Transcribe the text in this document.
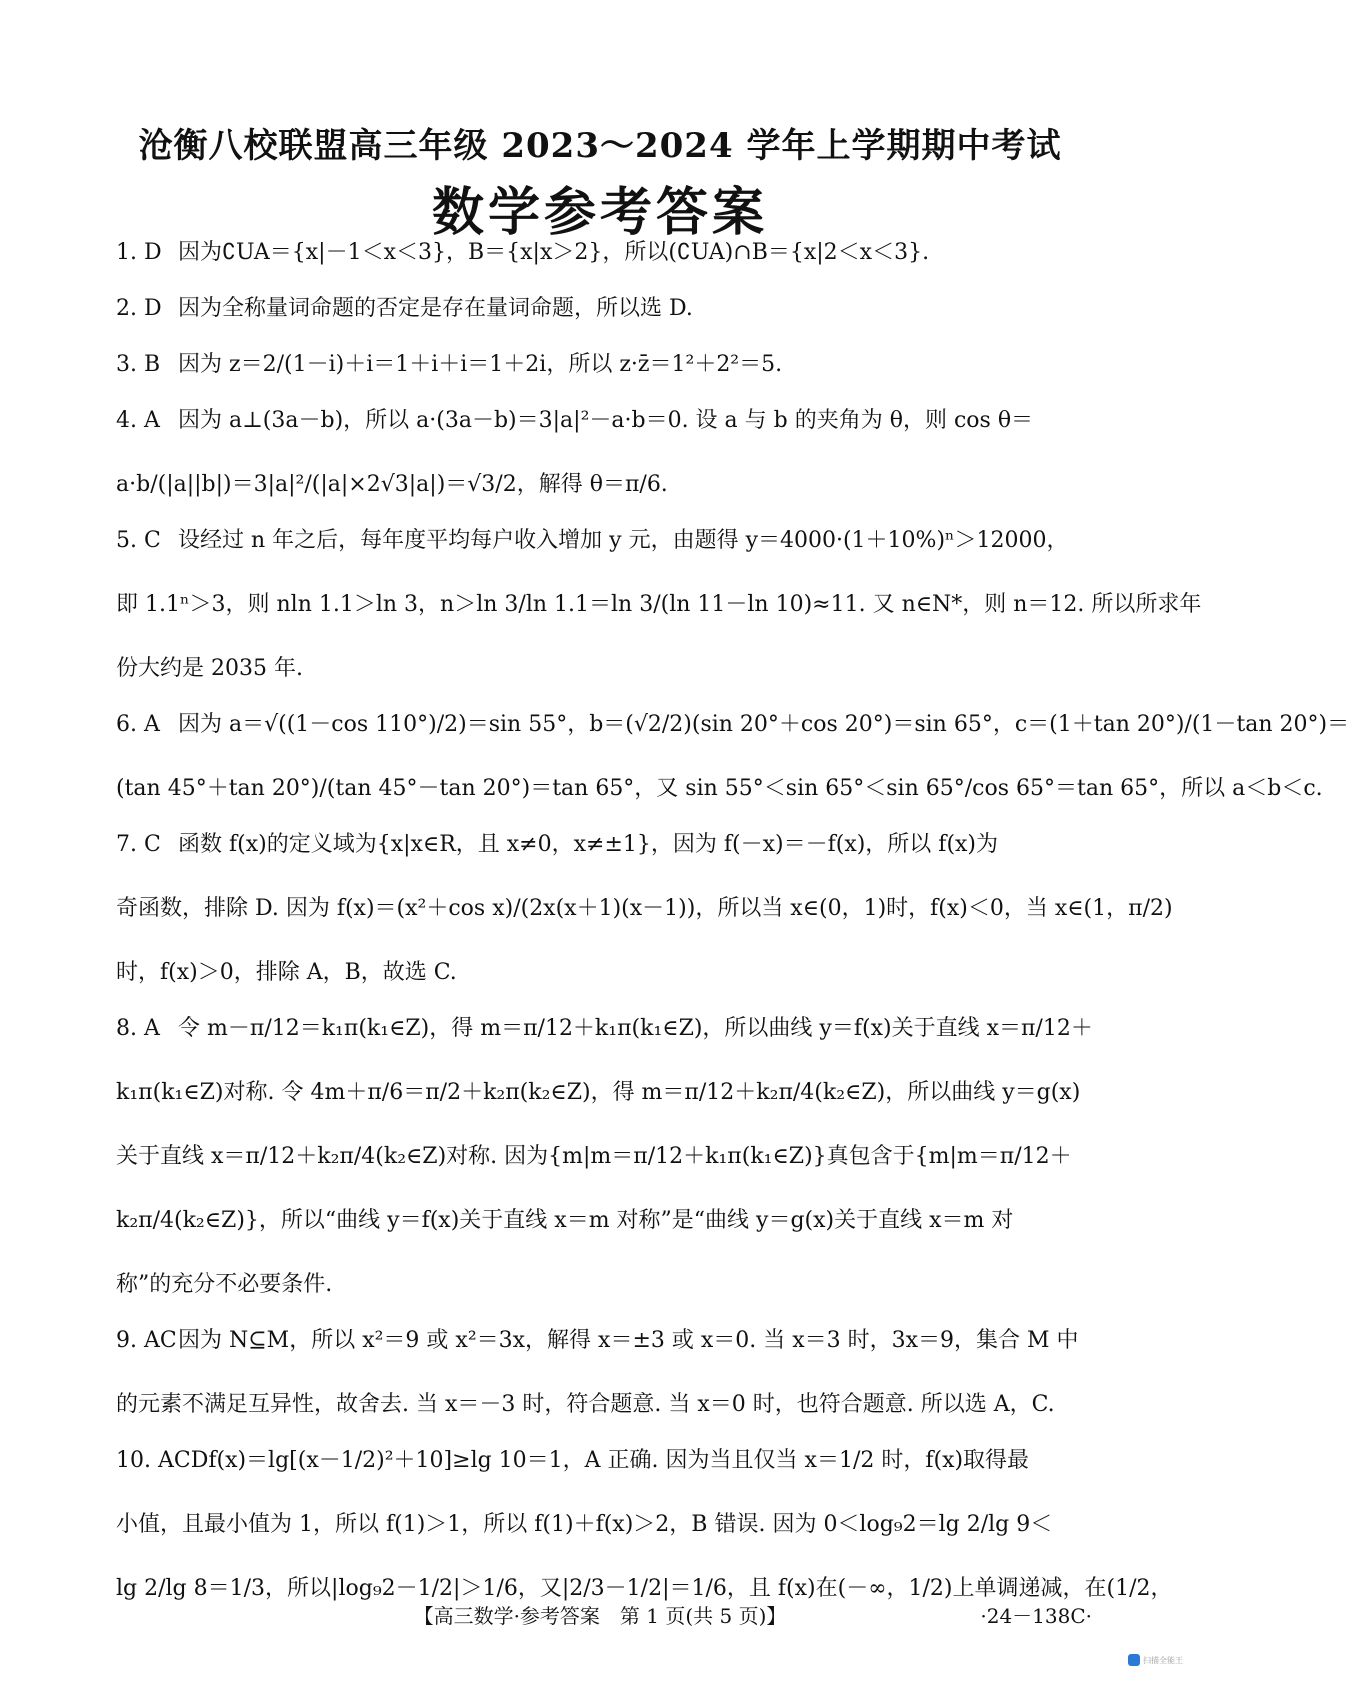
沧衡八校联盟高三年级 2023～2024 学年上学期期中考试
数学参考答案
1. D 因为∁UA＝{x|－1＜x＜3}，B＝{x|x＞2}，所以(∁UA)∩B＝{x|2＜x＜3}.
2. D 因为全称量词命题的否定是存在量词命题，所以选 D.
3. B 因为 z＝2/(1－i)＋i＝1＋i＋i＝1＋2i，所以 z·z̄＝1²＋2²＝5.
4. A 因为 a⊥(3a－b)，所以 a·(3a－b)＝3|a|²－a·b＝0. 设 a 与 b 的夹角为 θ，则 cos θ＝
a·b/(|a||b|)＝3|a|²/(|a|×2√3|a|)＝√3/2，解得 θ＝π/6.
5. C 设经过 n 年之后，每年度平均每户收入增加 y 元，由题得 y＝4000·(1＋10%)ⁿ＞12000，
即 1.1ⁿ＞3，则 nln 1.1＞ln 3，n＞ln 3/ln 1.1＝ln 3/(ln 11－ln 10)≈11. 又 n∈N*，则 n＝12. 所以所求年
份大约是 2035 年.
6. A 因为 a＝√((1－cos 110°)/2)＝sin 55°，b＝(√2/2)(sin 20°＋cos 20°)＝sin 65°，c＝(1＋tan 20°)/(1－tan 20°)＝
(tan 45°＋tan 20°)/(tan 45°－tan 20°)＝tan 65°，又 sin 55°＜sin 65°＜sin 65°/cos 65°＝tan 65°，所以 a＜b＜c.
7. C 函数 f(x)的定义域为{x|x∈R，且 x≠0，x≠±1}，因为 f(－x)＝－f(x)，所以 f(x)为
奇函数，排除 D. 因为 f(x)＝(x²＋cos x)/(2x(x＋1)(x－1))，所以当 x∈(0，1)时，f(x)＜0，当 x∈(1，π/2)
时，f(x)＞0，排除 A，B，故选 C.
8. A 令 m－π/12＝k₁π(k₁∈Z)，得 m＝π/12＋k₁π(k₁∈Z)，所以曲线 y＝f(x)关于直线 x＝π/12＋
k₁π(k₁∈Z)对称. 令 4m＋π/6＝π/2＋k₂π(k₂∈Z)，得 m＝π/12＋k₂π/4(k₂∈Z)，所以曲线 y＝g(x)
关于直线 x＝π/12＋k₂π/4(k₂∈Z)对称. 因为{m|m＝π/12＋k₁π(k₁∈Z)}真包含于{m|m＝π/12＋
k₂π/4(k₂∈Z)}，所以“曲线 y＝f(x)关于直线 x＝m 对称”是“曲线 y＝g(x)关于直线 x＝m 对
称”的充分不必要条件.
9. AC因为 N⊆M，所以 x²＝9 或 x²＝3x，解得 x＝±3 或 x＝0. 当 x＝3 时，3x＝9，集合 M 中
的元素不满足互异性，故舍去. 当 x＝－3 时，符合题意. 当 x＝0 时，也符合题意. 所以选 A，C.
10. ACDf(x)＝lg[(x－1/2)²＋10]≥lg 10＝1，A 正确. 因为当且仅当 x＝1/2 时，f(x)取得最
小值，且最小值为 1，所以 f(1)＞1，所以 f(1)＋f(x)＞2，B 错误. 因为 0＜log₉2＝lg 2/lg 9＜
lg 2/lg 8＝1/3，所以|log₉2－1/2|＞1/6，又|2/3－1/2|＝1/6，且 f(x)在(－∞，1/2)上单调递减，在(1/2，
【高三数学·参考答案　第 1 页(共 5 页)】	·24－138C·
扫描全能王
